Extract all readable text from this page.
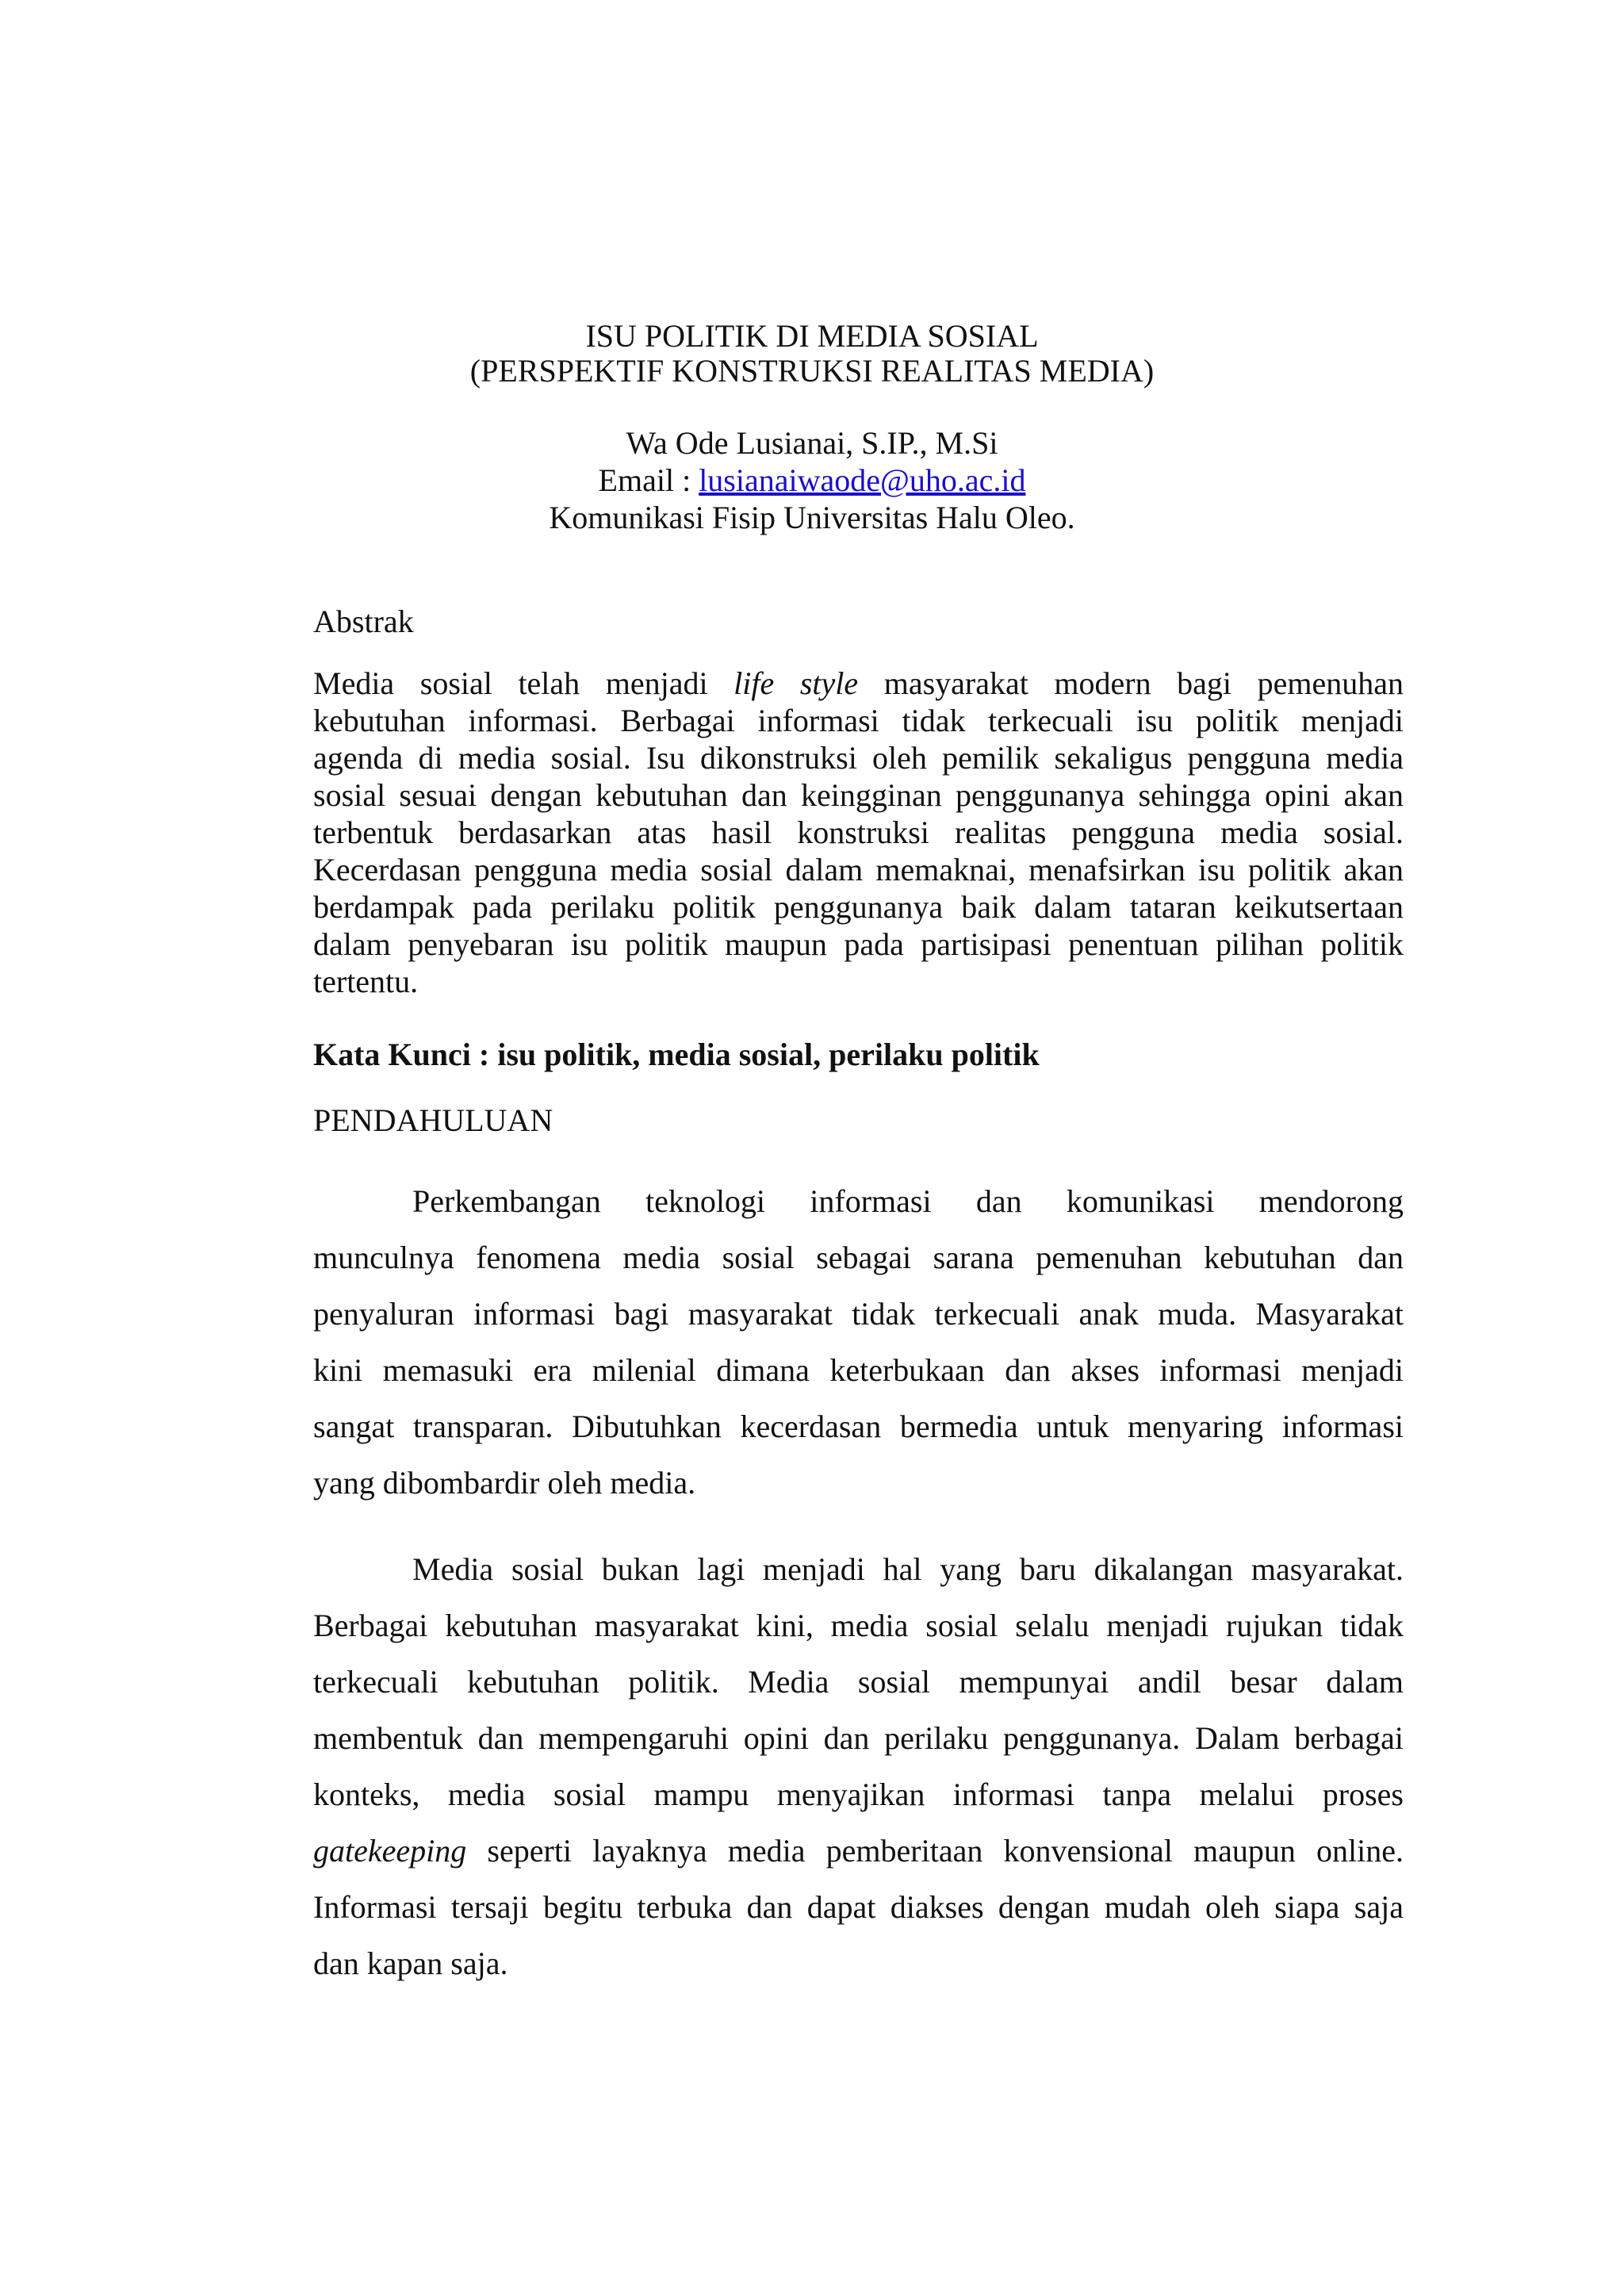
ISU POLITIK DI MEDIA SOSIAL
(PERSPEKTIF KONSTRUKSI REALITAS MEDIA)
Wa Ode Lusianai, S.IP., M.Si
Email : lusianaiwaode@uho.ac.id
Komunikasi Fisip Universitas Halu Oleo.
Abstrak
Media sosial telah menjadi life style masyarakat modern bagi pemenuhan
kebutuhan informasi. Berbagai informasi tidak terkecuali isu politik menjadi
agenda di media sosial. Isu dikonstruksi oleh pemilik sekaligus pengguna media
sosial sesuai dengan kebutuhan dan keingginan penggunanya sehingga opini akan
terbentuk berdasarkan atas hasil konstruksi realitas pengguna media sosial.
Kecerdasan pengguna media sosial dalam memaknai, menafsirkan isu politik akan
berdampak pada perilaku politik penggunanya baik dalam tataran keikutsertaan
dalam penyebaran isu politik maupun pada partisipasi penentuan pilihan politik
tertentu.
Kata Kunci : isu politik, media sosial, perilaku politik
PENDAHULUAN
Perkembangan teknologi informasi dan komunikasi mendorong
munculnya fenomena media sosial sebagai sarana pemenuhan kebutuhan dan
penyaluran informasi bagi masyarakat tidak terkecuali anak muda. Masyarakat
kini memasuki era milenial dimana keterbukaan dan akses informasi menjadi
sangat transparan. Dibutuhkan kecerdasan bermedia untuk menyaring informasi
yang dibombardir oleh media.
Media sosial bukan lagi menjadi hal yang baru dikalangan masyarakat.
Berbagai kebutuhan masyarakat kini, media sosial selalu menjadi rujukan tidak
terkecuali kebutuhan politik. Media sosial mempunyai andil besar dalam
membentuk dan mempengaruhi opini dan perilaku penggunanya. Dalam berbagai
konteks, media sosial mampu menyajikan informasi tanpa melalui proses
gatekeeping seperti layaknya media pemberitaan konvensional maupun online.
Informasi tersaji begitu terbuka dan dapat diakses dengan mudah oleh siapa saja
dan kapan saja.
